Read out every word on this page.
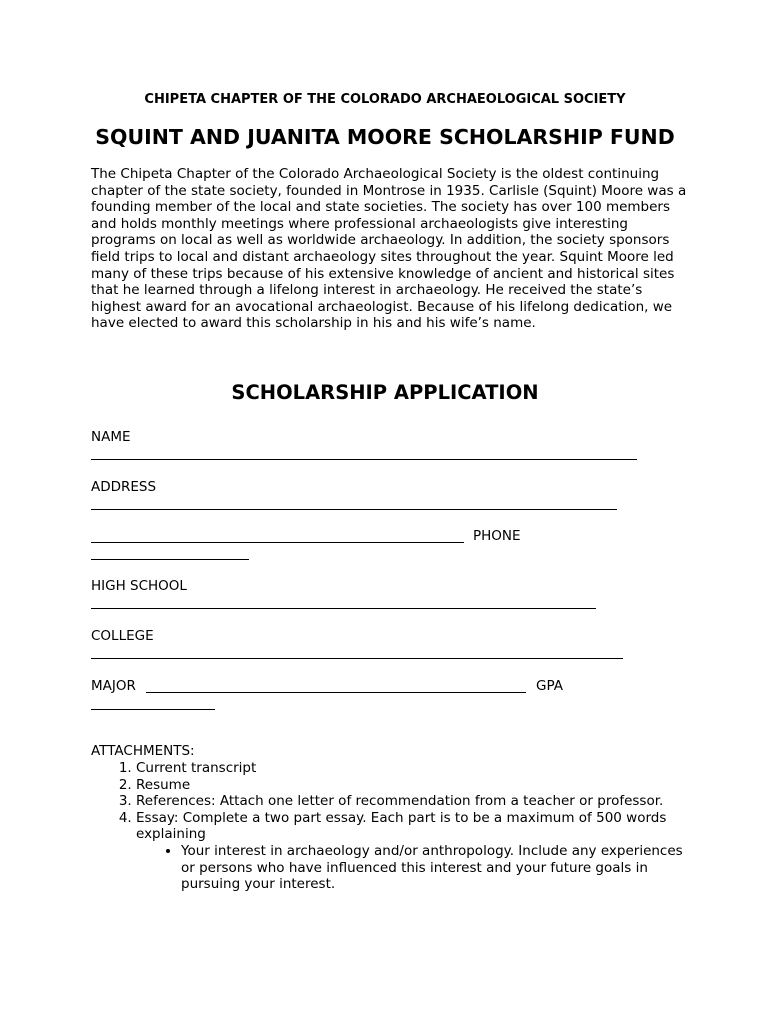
CHIPETA CHAPTER OF THE COLORADO ARCHAEOLOGICAL SOCIETY
SQUINT AND JUANITA MOORE SCHOLARSHIP FUND

The Chipeta Chapter of the Colorado Archaeological Society is the oldest continuing chapter of the state society, founded in Montrose in 1935. Carlisle (Squint) Moore was a founding member of the local and state societies. The society has over 100 members and holds monthly meetings where professional archaeologists give interesting programs on local as well as worldwide archaeology. In addition, the society sponsors field trips to local and distant archaeology sites throughout the year. Squint Moore led many of these trips because of his extensive knowledge of ancient and historical sites that he learned through a lifelong interest in archaeology. He received the state’s highest award for an avocational archaeologist. Because of his lifelong dedication, we have elected to award this scholarship in his and his wife’s name.

SCHOLARSHIP APPLICATION
NAME
ADDRESS
PHONE
HIGH SCHOOL
COLLEGE
MAJOR	GPA
ATTACHMENTS:
1. Current transcript
2. Resume
3. References: Attach one letter of recommendation from a teacher or professor.
4. Essay: Complete a two part essay. Each part is to be a maximum of 500 words explaining
• Your interest in archaeology and/or anthropology. Include any experiences or persons who have influenced this interest and your future goals in pursuing your interest.
